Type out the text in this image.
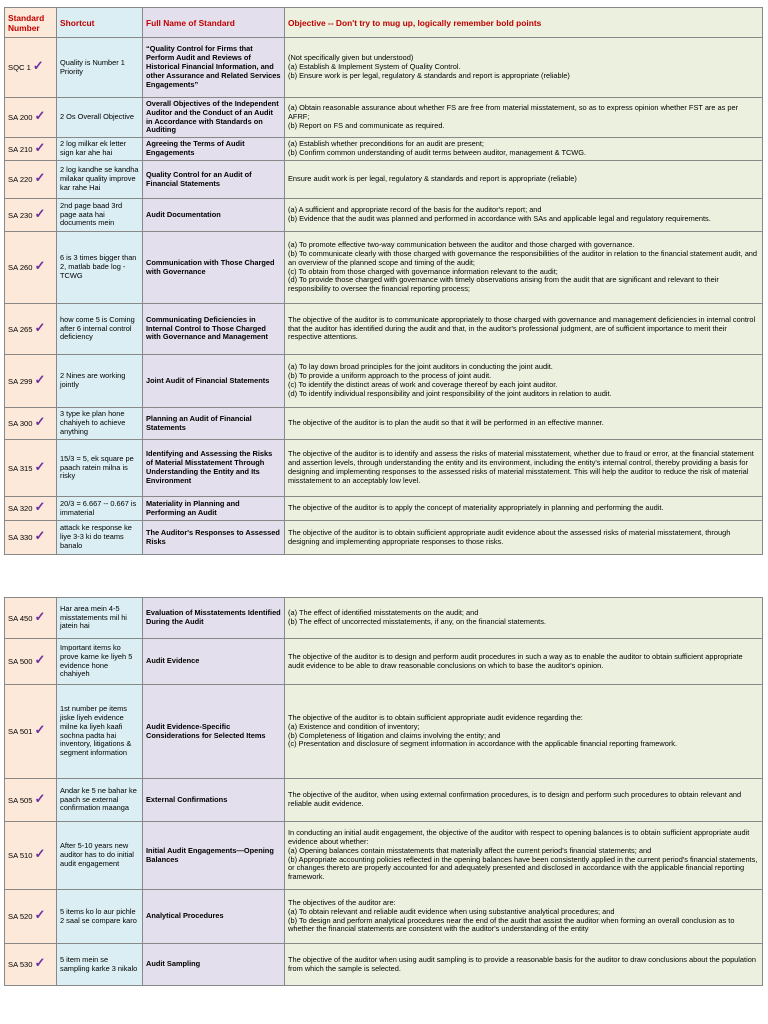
Standard Number	Shortcut	Full Name of Standard	Objective -- Don't try to mug up, logically remember bold points
SQC 1 ✓	Quality is Number 1 Priority	“Quality Control for Firms that Perform Audit and Reviews of Historical Financial Information, and other Assurance and Related Services Engagements”	(Not specifically given but understood)
(a) Establish & Implement System of Quality Control.
(b) Ensure work is per legal, regulatory & standards and report is appropriate (reliable)

SA 200 ✓	2 Os Overall Objective	Overall Objectives of the Independent Auditor and the Conduct of an Audit in Accordance with Standards on Auditing	(a) Obtain reasonable assurance about whether FS are free from material misstatement, so as to express opinion whether FST are as per AFRF;
(b) Report on FS and communicate as required.

SA 210 ✓	2 log milkar ek letter sign kar ahe hai	Agreeing the Terms of Audit Engagements	(a) Establish whether preconditions for an audit are present;
(b) Confirm common understanding of audit terms between auditor, management & TCWG.

SA 220 ✓	2 log kandhe se kandha milakar quality improve kar rahe Hai	Quality Control for an Audit of Financial Statements	Ensure audit work is per legal, regulatory & standards and report is appropriate (reliable)

SA 230 ✓	2nd page baad 3rd page aata hai documents mein	Audit Documentation	(a) A sufficient and appropriate record of the basis for the auditor's report; and
(b) Evidence that the audit was planned and performed in accordance with SAs and applicable legal and regulatory requirements.

SA 260 ✓	6 is 3 times bigger than 2, matlab bade log - TCWG	Communication with Those Charged with Governance	(a) To promote effective two-way communication between the auditor and those charged with governance.
(b) To communicate clearly with those charged with governance the responsibilities of the auditor in relation to the financial statement audit, and an overview of the planned scope and timing of the audit;
(c) To obtain from those charged with governance information relevant to the audit;
(d) To provide those charged with governance with timely observations arising from the audit that are significant and relevant to their responsibility to oversee the financial reporting process;

SA 265 ✓	how come 5 is Coming after 6 internal control deficiency	Communicating Deficiencies in Internal Control to Those Charged with Governance and Management	The objective of the auditor is to communicate appropriately to those charged with governance and management deficiencies in internal control that the auditor has identified during the audit and that, in the auditor's professional judgment, are of sufficient importance to merit their respective attentions.

SA 299 ✓	2 Nines are working jointly	Joint Audit of Financial Statements	(a) To lay down broad principles for the joint auditors in conducting the joint audit.
(b) To provide a uniform approach to the process of joint audit.
(c) To identify the distinct areas of work and coverage thereof by each joint auditor.
(d) To identify individual responsibility and joint responsibility of the joint auditors in relation to audit.

SA 300 ✓	3 type ke plan hone chahiyeh to achieve anything	Planning an Audit of Financial Statements	The objective of the auditor is to plan the audit so that it will be performed in an effective manner.

SA 315 ✓	15/3 = 5, ek square pe paach ratein milna is risky	Identifying and Assessing the Risks of Material Misstatement Through Understanding the Entity and Its Environment	The objective of the auditor is to identify and assess the risks of material misstatement, whether due to fraud or error, at the financial statement and assertion levels, through understanding the entity and its environment, including the entity's internal control, thereby providing a basis for designing and implementing responses to the assessed risks of material misstatement. This will help the auditor to reduce the risk of material misstatement to an acceptably low level.

SA 320 ✓	20/3 = 6.667 -- 0.667 is immaterial	Materiality in Planning and Performing an Audit	The objective of the auditor is to apply the concept of materiality appropriately in planning and performing the audit.

SA 330 ✓	attack ke response ke liye 3-3 ki do teams banalo	The Auditor's Responses to Assessed Risks	The objective of the auditor is to obtain sufficient appropriate audit evidence about the assessed risks of material misstatement, through designing and implementing appropriate responses to those risks.
SA 450 ✓	Har area mein 4-5 misstatements mil hi jatein hai	Evaluation of Misstatements Identified During the Audit	(a) The effect of identified misstatements on the audit; and
(b) The effect of uncorrected misstatements, if any, on the financial statements.

SA 500 ✓	Important items ko prove karne ke liyeh 5 evidence hone chahiyeh	Audit Evidence	The objective of the auditor is to design and perform audit procedures in such a way as to enable the auditor to obtain sufficient appropriate audit evidence to be able to draw reasonable conclusions on which to base the auditor's opinion.

SA 501 ✓	1st number pe items jiske liyeh evidence milne ka liyeh kaafi sochna padta hai inventory, litigations & segment information	Audit Evidence-Specific Considerations for Selected Items	The objective of the auditor is to obtain sufficient appropriate audit evidence regarding the:
(a) Existence and condition of inventory;
(b) Completeness of litigation and claims involving the entity; and
(c) Presentation and disclosure of segment information in accordance with the applicable financial reporting framework.

SA 505 ✓	Andar ke 5 ne bahar ke paach se external confirmation maanga	External Confirmations	The objective of the auditor, when using external confirmation procedures, is to design and perform such procedures to obtain relevant and reliable audit evidence.

SA 510 ✓	After 5-10 years new auditor has to do initial audit engagement	Initial Audit Engagements—Opening Balances	In conducting an initial audit engagement, the objective of the auditor with respect to opening balances is to obtain sufficient appropriate audit evidence about whether:
(a) Opening balances contain misstatements that materially affect the current period's financial statements; and
(b) Appropriate accounting policies reflected in the opening balances have been consistently applied in the current period's financial statements, or changes thereto are properly accounted for and adequately presented and disclosed in accordance with the applicable financial reporting framework.

SA 520 ✓	5 items ko lo aur pichle 2 saal se compare karo	Analytical Procedures	The objectives of the auditor are:
(a) To obtain relevant and reliable audit evidence when using substantive analytical procedures; and
(b) To design and perform analytical procedures near the end of the audit that assist the auditor when forming an overall conclusion as to whether the financial statements are consistent with the auditor's understanding of the entity

SA 530 ✓	5 item mein se sampling karke 3 nikalo	Audit Sampling	The objective of the auditor when using audit sampling is to provide a reasonable basis for the auditor to draw conclusions about the population from which the sample is selected.
